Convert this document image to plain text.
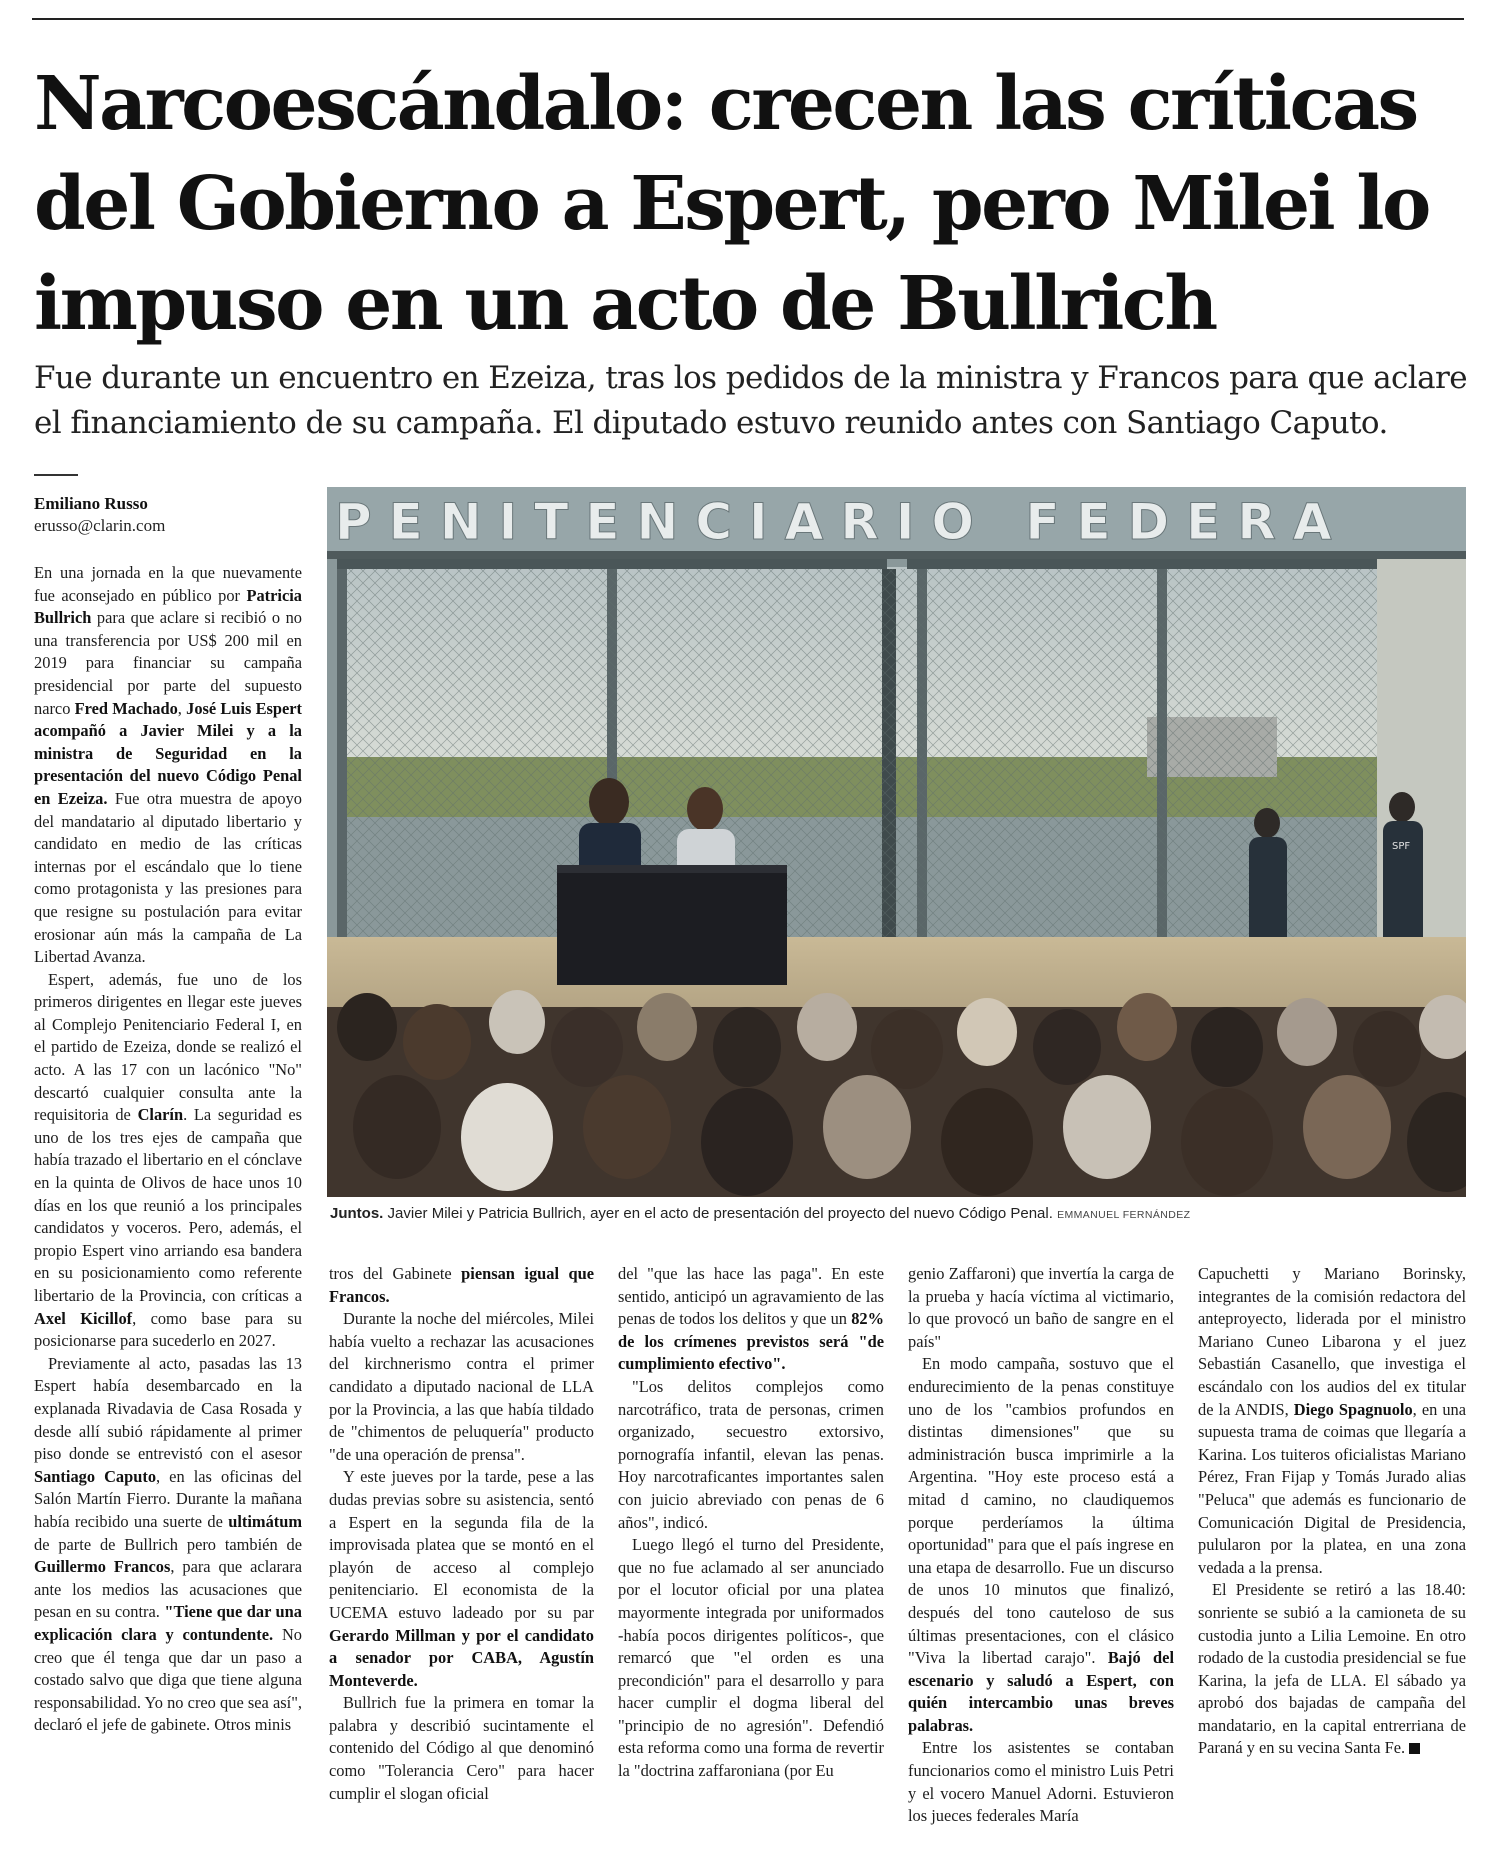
Narcoescándalo: crecen las críticas
del Gobierno a Espert, pero Milei lo
impuso en un acto de Bullrich

Fue durante un encuentro en Ezeiza, tras los pedidos de la ministra y Francos para que aclare
el financiamiento de su campaña. El diputado estuvo reunido antes con Santiago Caputo.

Emiliano Russo
erusso@clarin.com

En una jornada en la que nuevamente fue aconsejado en público por Patricia Bullrich para que aclare si recibió o no una transferencia por US$ 200 mil en 2019 para financiar su campaña presidencial por parte del supuesto narco Fred Machado, José Luis Espert acompañó a Javier Milei y a la ministra de Seguridad en la presentación del nuevo Código Penal en Ezeiza. Fue otra muestra de apoyo del mandatario al diputado libertario y candidato en medio de las críticas internas por el escándalo que lo tiene como protagonista y las presiones para que resigne su postulación para evitar erosionar aún más la campaña de La Libertad Avanza.

Espert, además, fue uno de los primeros dirigentes en llegar este jueves al Complejo Penitenciario Federal I, en el partido de Ezeiza, donde se realizó el acto. A las 17 con un lacónico "No" descartó cualquier consulta ante la requisitoria de Clarín. La seguridad es uno de los tres ejes de campaña que había trazado el libertario en el cónclave en la quinta de Olivos de hace unos 10 días en los que reunió a los principales candidatos y voceros. Pero, además, el propio Espert vino arriando esa bandera en su posicionamiento como referente libertario de la Provincia, con críticas a Axel Kicillof, como base para su posicionarse para sucederlo en 2027.

Previamente al acto, pasadas las 13 Espert había desembarcado en la explanada Rivadavia de Casa Rosada y desde allí subió rápidamente al primer piso donde se entrevistó con el asesor Santiago Caputo, en las oficinas del Salón Martín Fierro. Durante la mañana había recibido una suerte de ultimátum de parte de Bullrich pero también de Guillermo Francos, para que aclarara ante los medios las acusaciones que pesan en su contra. "Tiene que dar una explicación clara y contundente. No creo que él tenga que dar un paso a costado salvo que diga que tiene alguna responsabilidad. Yo no creo que sea así", declaró el jefe de gabinete. Otros minis

PENITENCIARIO FEDERA
SPF
Juntos. Javier Milei y Patricia Bullrich, ayer en el acto de presentación del proyecto del nuevo Código Penal. EMMANUEL FERNÁNDEZ

tros del Gabinete piensan igual que Francos.

Durante la noche del miércoles, Milei había vuelto a rechazar las acusaciones del kirchnerismo contra el primer candidato a diputado nacional de LLA por la Provincia, a las que había tildado de "chimentos de peluquería" producto "de una operación de prensa".

Y este jueves por la tarde, pese a las dudas previas sobre su asistencia, sentó a Espert en la segunda fila de la improvisada platea que se montó en el playón de acceso al complejo penitenciario. El economista de la UCEMA estuvo ladeado por su par Gerardo Millman y por el candidato a senador por CABA, Agustín Monteverde.

Bullrich fue la primera en tomar la palabra y describió sucintamente el contenido del Código al que denominó como "Tolerancia Cero" para hacer cumplir el slogan oficial

del "que las hace las paga". En este sentido, anticipó un agravamiento de las penas de todos los delitos y que un 82% de los crímenes previstos será "de cumplimiento efectivo".

"Los delitos complejos como narcotráfico, trata de personas, crimen organizado, secuestro extorsivo, pornografía infantil, elevan las penas. Hoy narcotraficantes importantes salen con juicio abreviado con penas de 6 años", indicó.

Luego llegó el turno del Presidente, que no fue aclamado al ser anunciado por el locutor oficial por una platea mayormente integrada por uniformados -había pocos dirigentes políticos-, que remarcó que "el orden es una precondición" para el desarrollo y para hacer cumplir el dogma liberal del "principio de no agresión". Defendió esta reforma como una forma de revertir la "doctrina zaffaroniana (por Eu

genio Zaffaroni) que invertía la carga de la prueba y hacía víctima al victimario, lo que provocó un baño de sangre en el país"

En modo campaña, sostuvo que el endurecimiento de la penas constituye uno de los "cambios profundos en distintas dimensiones" que su administración busca imprimirle a la Argentina. "Hoy este proceso está a mitad d camino, no claudiquemos porque perderíamos la última oportunidad" para que el país ingrese en una etapa de desarrollo. Fue un discurso de unos 10 minutos que finalizó, después del tono cauteloso de sus últimas presentaciones, con el clásico "Viva la libertad carajo". Bajó del escenario y saludó a Espert, con quién intercambio unas breves palabras.

Entre los asistentes se contaban funcionarios como el ministro Luis Petri y el vocero Manuel Adorni. Estuvieron los jueces federales María

Capuchetti y Mariano Borinsky, integrantes de la comisión redactora del anteproyecto, liderada por el ministro Mariano Cuneo Libarona y el juez Sebastián Casanello, que investiga el escándalo con los audios del ex titular de la ANDIS, Diego Spagnuolo, en una supuesta trama de coimas que llegaría a Karina. Los tuiteros oficialistas Mariano Pérez, Fran Fijap y Tomás Jurado alias "Peluca" que además es funcionario de Comunicación Digital de Presidencia, pulularon por la platea, en una zona vedada a la prensa.

El Presidente se retiró a las 18.40: sonriente se subió a la camioneta de su custodia junto a Lilia Lemoine. En otro rodado de la custodia presidencial se fue Karina, la jefa de LLA. El sábado ya aprobó dos bajadas de campaña del mandatario, en la capital entrerriana de Paraná y en su vecina Santa Fe.
